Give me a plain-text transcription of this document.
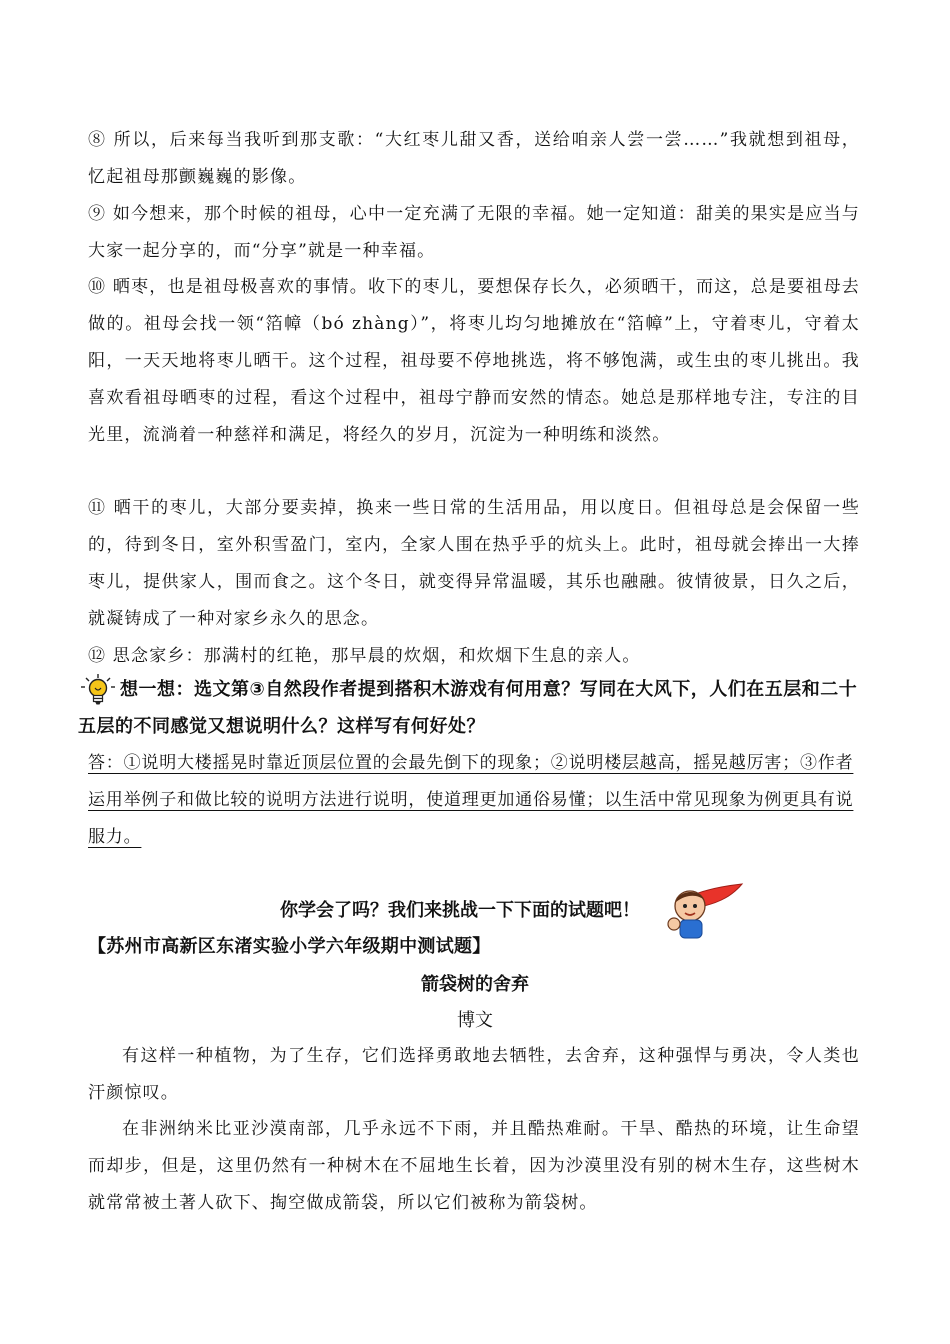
⑧ 所以，后来每当我听到那支歌：“大红枣儿甜又香，送给咱亲人尝一尝……”我就想到祖母，忆起祖母那颤巍巍的影像。

⑨ 如今想来，那个时候的祖母，心中一定充满了无限的幸福。她一定知道：甜美的果实是应当与大家一起分享的，而“分享”就是一种幸福。

⑩ 晒枣，也是祖母极喜欢的事情。收下的枣儿，要想保存长久，必须晒干，而这，总是要祖母去做的。祖母会找一领“箔幛（bó zhàng）”，将枣儿均匀地摊放在“箔幛”上，守着枣儿，守着太阳，一天天地将枣儿晒干。这个过程，祖母要不停地挑选，将不够饱满，或生虫的枣儿挑出。我喜欢看祖母晒枣的过程，看这个过程中，祖母宁静而安然的情态。她总是那样地专注，专注的目光里，流淌着一种慈祥和满足，将经久的岁月，沉淀为一种明练和淡然。

⑪ 晒干的枣儿，大部分要卖掉，换来一些日常的生活用品，用以度日。但祖母总是会保留一些的，待到冬日，室外积雪盈门，室内，全家人围在热乎乎的炕头上。此时，祖母就会捧出一大捧枣儿，提供家人，围而食之。这个冬日，就变得异常温暖，其乐也融融。彼情彼景，日久之后，就凝铸成了一种对家乡永久的思念。

⑫ 思念家乡：那满村的红艳，那早晨的炊烟，和炊烟下生息的亲人。

想一想：选文第③自然段作者提到搭积木游戏有何用意？写同在大风下，人们在五层和二十五层的不同感觉又想说明什么？这样写有何好处？

答：①说明大楼摇晃时靠近顶层位置的会最先倒下的现象；②说明楼层越高，摇晃越厉害；③作者运用举例子和做比较的说明方法进行说明，使道理更加通俗易懂；以生活中常见现象为例更具有说服力。

你学会了吗？我们来挑战一下下面的试题吧！
【苏州市高新区东渚实验小学六年级期中测试题】
箭袋树的舍弃
博文

有这样一种植物，为了生存，它们选择勇敢地去牺牲，去舍弃，这种强悍与勇决，令人类也汗颜惊叹。

在非洲纳米比亚沙漠南部，几乎永远不下雨，并且酷热难耐。干旱、酷热的环境，让生命望而却步，但是，这里仍然有一种树木在不屈地生长着，因为沙漠里没有别的树木生存，这些树木就常常被土著人砍下、掏空做成箭袋，所以它们被称为箭袋树。
